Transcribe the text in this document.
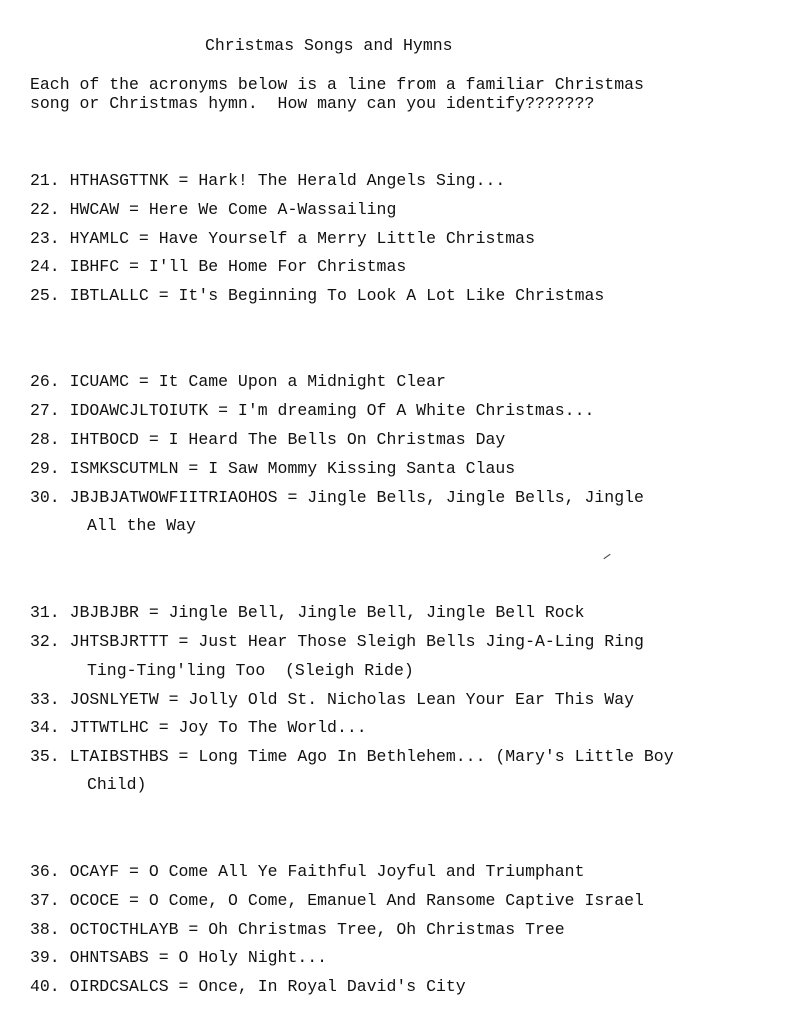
Christmas Songs and Hymns
Each of the acronyms below is a line from a familiar Christmas
song or Christmas hymn.  How many can you identify???????
21. HTHASGTTNK = Hark! The Herald Angels Sing...
22. HWCAW = Here We Come A-Wassailing
23. HYAMLC = Have Yourself a Merry Little Christmas
24. IBHFC = I'll Be Home For Christmas
25. IBTLALLC = It's Beginning To Look A Lot Like Christmas
26. ICUAMC = It Came Upon a Midnight Clear
27. IDOAWCJLTOIUTK = I'm dreaming Of A White Christmas...
28. IHTBOCD = I Heard The Bells On Christmas Day
29. ISMKSCUTMLN = I Saw Mommy Kissing Santa Claus
30. JBJBJATWOWFIITRIAOHOS = Jingle Bells, Jingle Bells, Jingle
All the Way
31. JBJBJBR = Jingle Bell, Jingle Bell, Jingle Bell Rock
32. JHTSBJRTTT = Just Hear Those Sleigh Bells Jing-A-Ling Ring
Ting-Ting'ling Too  (Sleigh Ride)
33. JOSNLYETW = Jolly Old St. Nicholas Lean Your Ear This Way
34. JTTWTLHC = Joy To The World...
35. LTAIBSTHBS = Long Time Ago In Bethlehem... (Mary's Little Boy
Child)
36. OCAYF = O Come All Ye Faithful Joyful and Triumphant
37. OCOCE = O Come, O Come, Emanuel And Ransome Captive Israel
38. OCTOCTHLAYB = Oh Christmas Tree, Oh Christmas Tree
39. OHNTSABS = O Holy Night...
40. OIRDCSALCS = Once, In Royal David's City
